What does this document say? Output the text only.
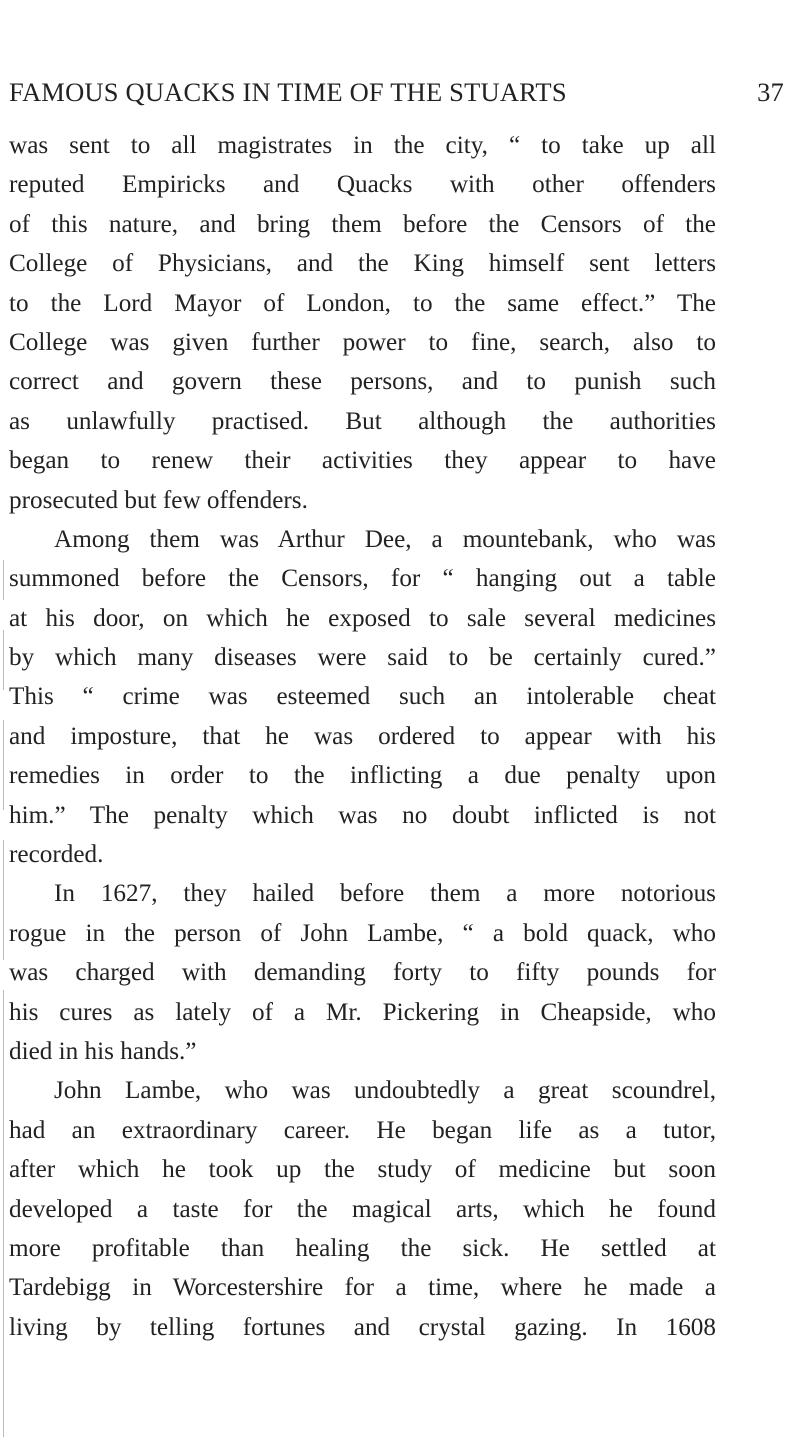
FAMOUS QUACKS IN TIME OF THE STUARTS	37
was sent to all magistrates in the city, “ to take up all
reputed Empiricks and Quacks with other offenders
of this nature, and bring them before the Censors of the
College of Physicians, and the King himself sent letters
to the Lord Mayor of London, to the same effect.” The
College was given further power to fine, search, also to
correct and govern these persons, and to punish such
as unlawfully practised. But although the authorities
began to renew their activities they appear to have
prosecuted but few offenders.
Among them was Arthur Dee, a mountebank, who was
summoned before the Censors, for “ hanging out a table
at his door, on which he exposed to sale several medicines
by which many diseases were said to be certainly cured.”
This “ crime was esteemed such an intolerable cheat
and imposture, that he was ordered to appear with his
remedies in order to the inflicting a due penalty upon
him.” The penalty which was no doubt inflicted is not
recorded.
In 1627, they hailed before them a more notorious
rogue in the person of John Lambe, “ a bold quack, who
was charged with demanding forty to fifty pounds for
his cures as lately of a Mr. Pickering in Cheapside, who
died in his hands.”
John Lambe, who was undoubtedly a great scoundrel,
had an extraordinary career. He began life as a tutor,
after which he took up the study of medicine but soon
developed a taste for the magical arts, which he found
more profitable than healing the sick. He settled at
Tardebigg in Worcestershire for a time, where he made a
living by telling fortunes and crystal gazing. In 1608
